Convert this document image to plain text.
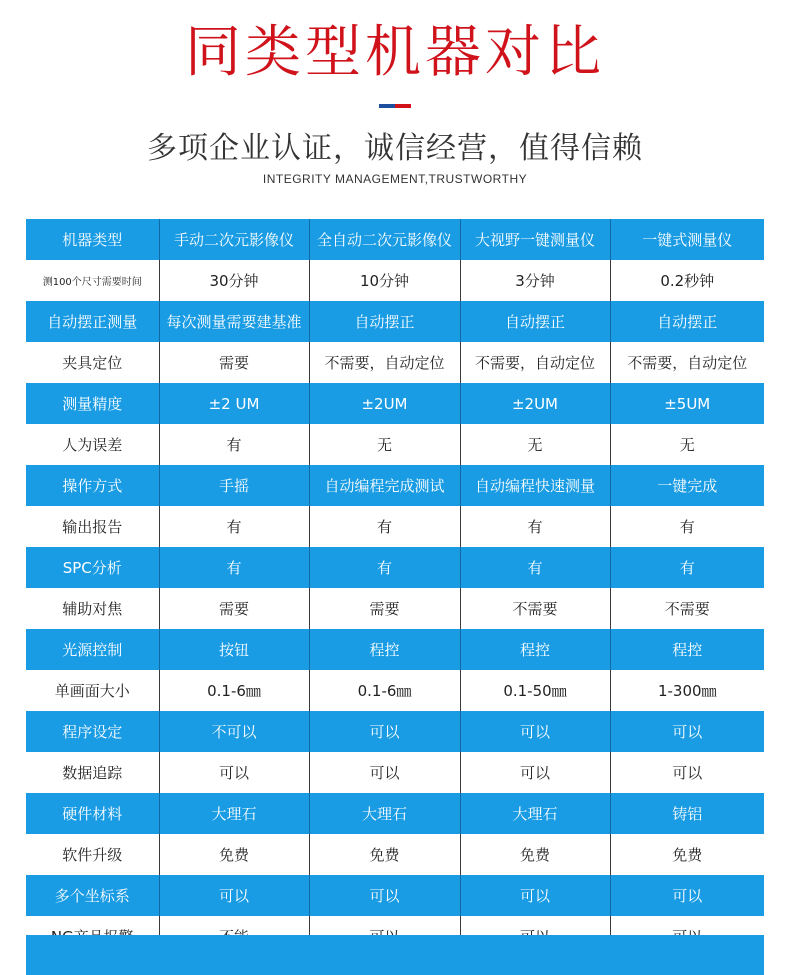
同类型机器对比
多项企业认证，诚信经营，值得信赖
INTEGRITY MANAGEMENT,TRUSTWORTHY
机器类型	手动二次元影像仪	全自动二次元影像仪	大视野一键测量仪	一键式测量仪
测100个尺寸需要时间	30分钟	10分钟	3分钟	0.2秒钟
自动摆正测量	每次测量需要建基准	自动摆正	自动摆正	自动摆正
夹具定位	需要	不需要，自动定位	不需要，自动定位	不需要，自动定位
测量精度	±2 UM	±2UM	±2UM	±5UM
人为误差	有	无	无	无
操作方式	手摇	自动编程完成测试	自动编程快速测量	一键完成
输出报告	有	有	有	有
SPC分析	有	有	有	有
辅助对焦	需要	需要	不需要	不需要
光源控制	按钮	程控	程控	程控
单画面大小	0.1-6㎜	0.1-6㎜	0.1-50㎜	1-300㎜
程序设定	不可以	可以	可以	可以
数据追踪	可以	可以	可以	可以
硬件材料	大理石	大理石	大理石	铸铝
软件升级	免费	免费	免费	免费
多个坐标系	可以	可以	可以	可以
